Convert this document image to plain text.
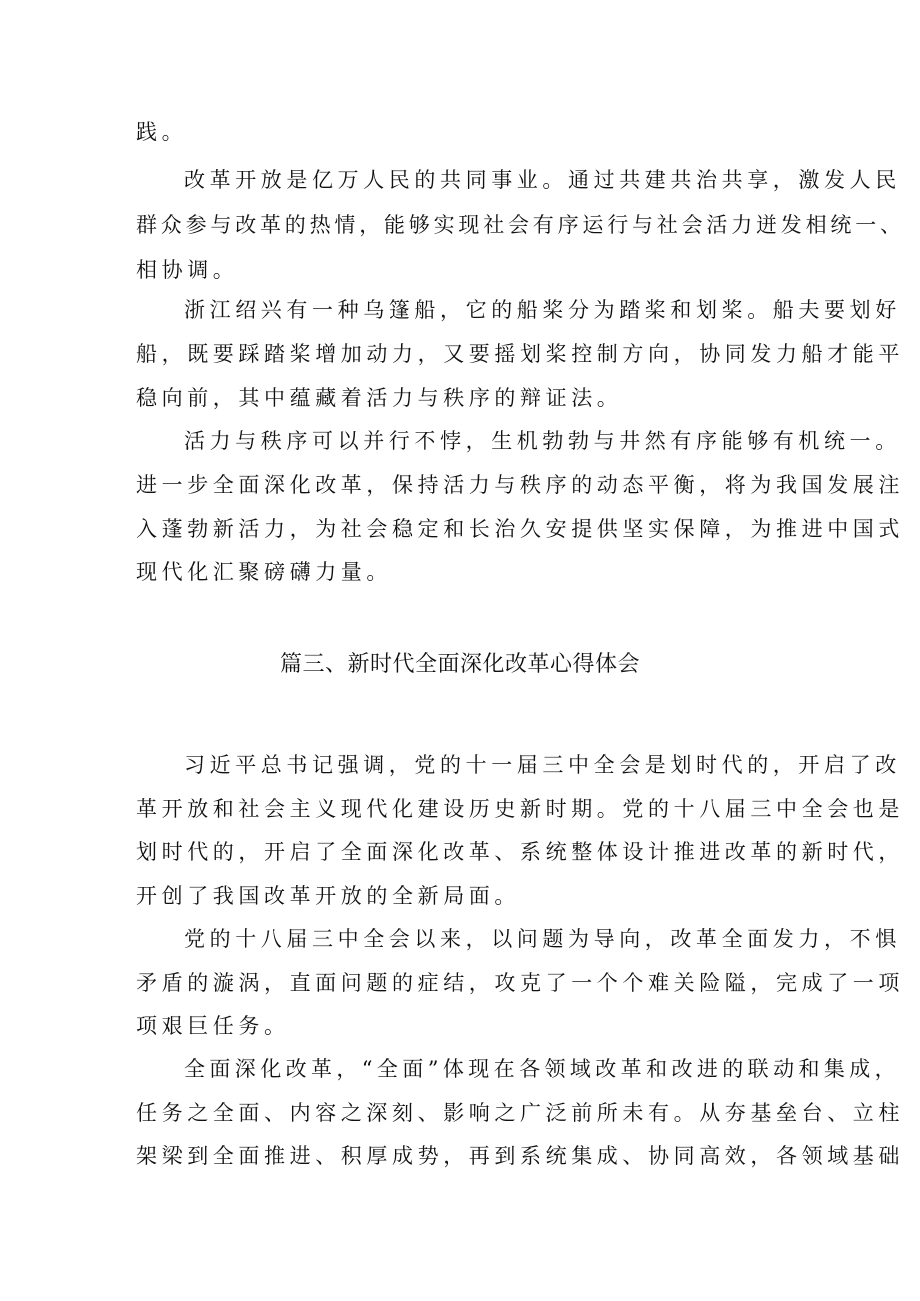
践。
改革开放是亿万人民的共同事业。通过共建共治共享，激发人民
群众参与改革的热情，能够实现社会有序运行与社会活力迸发相统一、
相协调。
浙江绍兴有一种乌篷船，它的船桨分为踏桨和划桨。船夫要划好
船，既要踩踏桨增加动力，又要摇划桨控制方向，协同发力船才能平
稳向前，其中蕴藏着活力与秩序的辩证法。
活力与秩序可以并行不悖，生机勃勃与井然有序能够有机统一。
进一步全面深化改革，保持活力与秩序的动态平衡，将为我国发展注
入蓬勃新活力，为社会稳定和长治久安提供坚实保障，为推进中国式
现代化汇聚磅礴力量。
篇三、新时代全面深化改革心得体会
习近平总书记强调，党的十一届三中全会是划时代的，开启了改
革开放和社会主义现代化建设历史新时期。党的十八届三中全会也是
划时代的，开启了全面深化改革、系统整体设计推进改革的新时代，
开创了我国改革开放的全新局面。
党的十八届三中全会以来，以问题为导向，改革全面发力，不惧
矛盾的漩涡，直面问题的症结，攻克了一个个难关险隘，完成了一项
项艰巨任务。
全面深化改革，“全面”体现在各领域改革和改进的联动和集成，
任务之全面、内容之深刻、影响之广泛前所未有。从夯基垒台、立柱
架梁到全面推进、积厚成势，再到系统集成、协同高效，各领域基础
